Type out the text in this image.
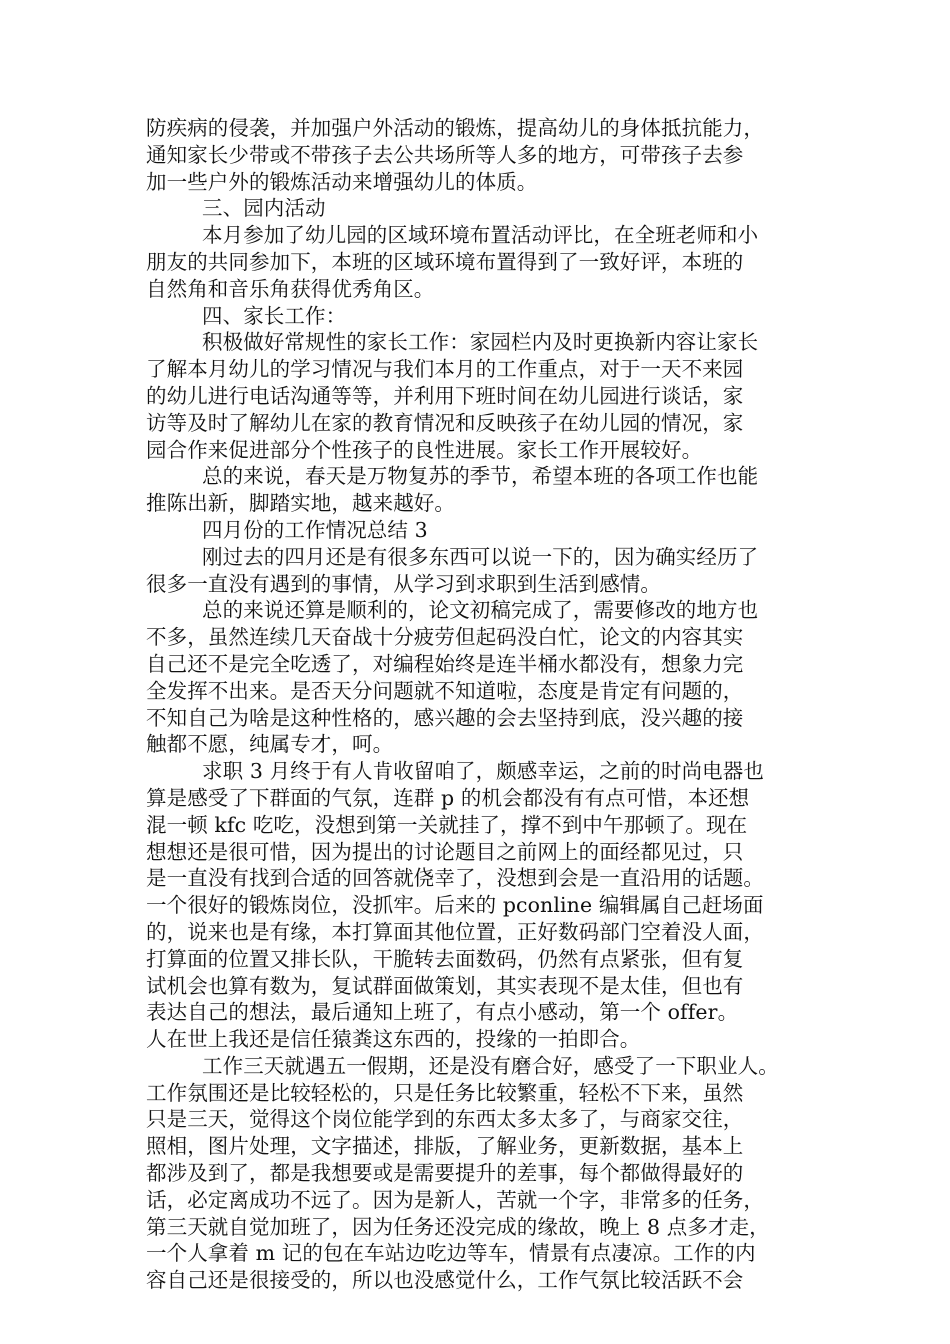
防疾病的侵袭，并加强户外活动的锻炼，提高幼儿的身体抵抗能力，
通知家长少带或不带孩子去公共场所等人多的地方，可带孩子去参
加一些户外的锻炼活动来增强幼儿的体质。
三、园内活动
本月参加了幼儿园的区域环境布置活动评比，在全班老师和小
朋友的共同参加下，本班的区域环境布置得到了一致好评，本班的
自然角和音乐角获得优秀角区。
四、家长工作：
积极做好常规性的家长工作：家园栏内及时更换新内容让家长
了解本月幼儿的学习情况与我们本月的工作重点，对于一天不来园
的幼儿进行电话沟通等等，并利用下班时间在幼儿园进行谈话，家
访等及时了解幼儿在家的教育情况和反映孩子在幼儿园的情况，家
园合作来促进部分个性孩子的良性进展。家长工作开展较好。
总的来说，春天是万物复苏的季节，希望本班的各项工作也能
推陈出新，脚踏实地，越来越好。
四月份的工作情况总结 3
刚过去的四月还是有很多东西可以说一下的，因为确实经历了
很多一直没有遇到的事情，从学习到求职到生活到感情。
总的来说还算是顺利的，论文初稿完成了，需要修改的地方也
不多，虽然连续几天奋战十分疲劳但起码没白忙，论文的内容其实
自己还不是完全吃透了，对编程始终是连半桶水都没有，想象力完
全发挥不出来。是否天分问题就不知道啦，态度是肯定有问题的，
不知自己为啥是这种性格的，感兴趣的会去坚持到底，没兴趣的接
触都不愿，纯属专才，呵。
求职 3 月终于有人肯收留咱了，颇感幸运，之前的时尚电器也
算是感受了下群面的气氛，连群 p 的机会都没有有点可惜，本还想
混一顿 kfc 吃吃，没想到第一关就挂了，撑不到中午那顿了。现在
想想还是很可惜，因为提出的讨论题目之前网上的面经都见过，只
是一直没有找到合适的回答就侥幸了，没想到会是一直沿用的话题。
一个很好的锻炼岗位，没抓牢。后来的 pconline 编辑属自己赶场面
的，说来也是有缘，本打算面其他位置，正好数码部门空着没人面，
打算面的位置又排长队，干脆转去面数码，仍然有点紧张，但有复
试机会也算有数为，复试群面做策划，其实表现不是太佳，但也有
表达自己的想法，最后通知上班了，有点小感动，第一个 offer。
人在世上我还是信任猿粪这东西的，投缘的一拍即合。
工作三天就遇五一假期，还是没有磨合好，感受了一下职业人。
工作氛围还是比较轻松的，只是任务比较繁重，轻松不下来，虽然
只是三天，觉得这个岗位能学到的东西太多太多了，与商家交往，
照相，图片处理，文字描述，排版，了解业务，更新数据，基本上
都涉及到了，都是我想要或是需要提升的差事，每个都做得最好的
话，必定离成功不远了。因为是新人，苦就一个字，非常多的任务，
第三天就自觉加班了，因为任务还没完成的缘故，晚上 8 点多才走，
一个人拿着 m 记的包在车站边吃边等车，情景有点凄凉。工作的内
容自己还是很接受的，所以也没感觉什么，工作气氛比较活跃不会
